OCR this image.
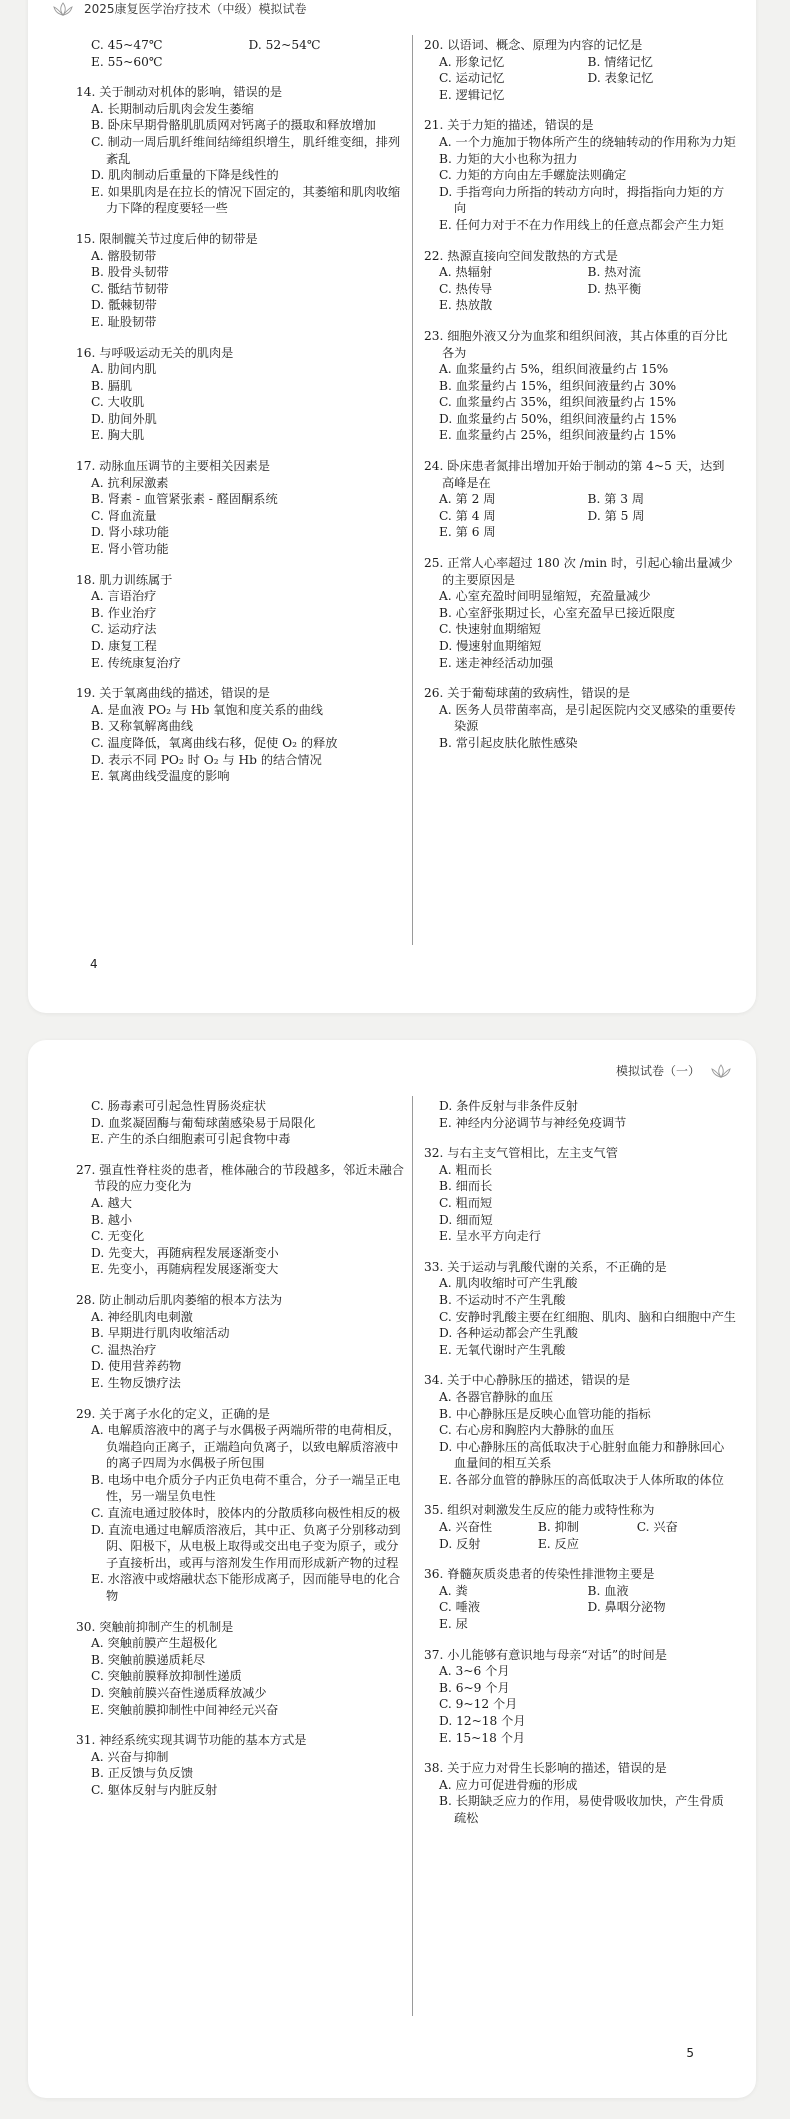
2025康复医学治疗技术（中级）模拟试卷
C. 45~47℃	D. 52~54℃
E. 55~60℃
14. 关于制动对机体的影响，错误的是
A. 长期制动后肌肉会发生萎缩
B. 卧床早期骨骼肌肌质网对钙离子的摄取和释放增加
C. 制动一周后肌纤维间结缔组织增生，肌纤维变细，排列紊乱
D. 肌肉制动后重量的下降是线性的
E. 如果肌肉是在拉长的情况下固定的，其萎缩和肌肉收缩力下降的程度要轻一些
15. 限制髋关节过度后伸的韧带是
A. 髂股韧带
B. 股骨头韧带
C. 骶结节韧带
D. 骶棘韧带
E. 耻股韧带
16. 与呼吸运动无关的肌肉是
A. 肋间内肌
B. 膈肌
C. 大收肌
D. 肋间外肌
E. 胸大肌
17. 动脉血压调节的主要相关因素是
A. 抗利尿激素
B. 肾素 - 血管紧张素 - 醛固酮系统
C. 肾血流量
D. 肾小球功能
E. 肾小管功能
18. 肌力训练属于
A. 言语治疗
B. 作业治疗
C. 运动疗法
D. 康复工程
E. 传统康复治疗
19. 关于氧离曲线的描述，错误的是
A. 是血液 PO₂ 与 Hb 氧饱和度关系的曲线
B. 又称氧解离曲线
C. 温度降低，氧离曲线右移，促使 O₂ 的释放
D. 表示不同 PO₂ 时 O₂ 与 Hb 的结合情况
E. 氧离曲线受温度的影响
20. 以语词、概念、原理为内容的记忆是
A. 形象记忆	B. 情绪记忆
C. 运动记忆	D. 表象记忆
E. 逻辑记忆
21. 关于力矩的描述，错误的是
A. 一个力施加于物体所产生的绕轴转动的作用称为力矩
B. 力矩的大小也称为扭力
C. 力矩的方向由左手螺旋法则确定
D. 手指弯向力所指的转动方向时，拇指指向力矩的方向
E. 任何力对于不在力作用线上的任意点都会产生力矩
22. 热源直接向空间发散热的方式是
A. 热辐射	B. 热对流
C. 热传导	D. 热平衡
E. 热放散
23. 细胞外液又分为血浆和组织间液，其占体重的百分比各为
A. 血浆量约占 5%，组织间液量约占 15%
B. 血浆量约占 15%，组织间液量约占 30%
C. 血浆量约占 35%，组织间液量约占 15%
D. 血浆量约占 50%，组织间液量约占 15%
E. 血浆量约占 25%，组织间液量约占 15%
24. 卧床患者氮排出增加开始于制动的第 4~5 天，达到高峰是在
A. 第 2 周	B. 第 3 周
C. 第 4 周	D. 第 5 周
E. 第 6 周
25. 正常人心率超过 180 次 /min 时，引起心输出量减少的主要原因是
A. 心室充盈时间明显缩短，充盈量减少
B. 心室舒张期过长，心室充盈早已接近限度
C. 快速射血期缩短
D. 慢速射血期缩短
E. 迷走神经活动加强
26. 关于葡萄球菌的致病性，错误的是
A. 医务人员带菌率高，是引起医院内交叉感染的重要传染源
B. 常引起皮肤化脓性感染
4
模拟试卷（一）
C. 肠毒素可引起急性胃肠炎症状
D. 血浆凝固酶与葡萄球菌感染易于局限化
E. 产生的杀白细胞素可引起食物中毒
27. 强直性脊柱炎的患者，椎体融合的节段越多，邻近未融合节段的应力变化为
A. 越大
B. 越小
C. 无变化
D. 先变大，再随病程发展逐渐变小
E. 先变小，再随病程发展逐渐变大
28. 防止制动后肌肉萎缩的根本方法为
A. 神经肌肉电刺激
B. 早期进行肌肉收缩活动
C. 温热治疗
D. 使用营养药物
E. 生物反馈疗法
29. 关于离子水化的定义，正确的是
A. 电解质溶液中的离子与水偶极子两端所带的电荷相反，负端趋向正离子，正端趋向负离子，以致电解质溶液中的离子四周为水偶极子所包围
B. 电场中电介质分子内正负电荷不重合，分子一端呈正电性，另一端呈负电性
C. 直流电通过胶体时，胶体内的分散质移向极性相反的极
D. 直流电通过电解质溶液后，其中正、负离子分别移动到阴、阳极下，从电极上取得或交出电子变为原子，或分子直接析出，或再与溶剂发生作用而形成新产物的过程
E. 水溶液中或熔融状态下能形成离子，因而能导电的化合物
30. 突触前抑制产生的机制是
A. 突触前膜产生超极化
B. 突触前膜递质耗尽
C. 突触前膜释放抑制性递质
D. 突触前膜兴奋性递质释放减少
E. 突触前膜抑制性中间神经元兴奋
31. 神经系统实现其调节功能的基本方式是
A. 兴奋与抑制
B. 正反馈与负反馈
C. 躯体反射与内脏反射
D. 条件反射与非条件反射
E. 神经内分泌调节与神经免疫调节
32. 与右主支气管相比，左主支气管
A. 粗而长
B. 细而长
C. 粗而短
D. 细而短
E. 呈水平方向走行
33. 关于运动与乳酸代谢的关系，不正确的是
A. 肌肉收缩时可产生乳酸
B. 不运动时不产生乳酸
C. 安静时乳酸主要在红细胞、肌肉、脑和白细胞中产生
D. 各种运动都会产生乳酸
E. 无氧代谢时产生乳酸
34. 关于中心静脉压的描述，错误的是
A. 各器官静脉的血压
B. 中心静脉压是反映心血管功能的指标
C. 右心房和胸腔内大静脉的血压
D. 中心静脉压的高低取决于心脏射血能力和静脉回心血量间的相互关系
E. 各部分血管的静脉压的高低取决于人体所取的体位
35. 组织对刺激发生反应的能力或特性称为
A. 兴奋性	B. 抑制	C. 兴奋
D. 反射	E. 反应
36. 脊髓灰质炎患者的传染性排泄物主要是
A. 粪	B. 血液
C. 唾液	D. 鼻咽分泌物
E. 尿
37. 小儿能够有意识地与母亲“对话”的时间是
A. 3~6 个月
B. 6~9 个月
C. 9~12 个月
D. 12~18 个月
E. 15~18 个月
38. 关于应力对骨生长影响的描述，错误的是
A. 应力可促进骨痂的形成
B. 长期缺乏应力的作用，易使骨吸收加快，产生骨质疏松
5
